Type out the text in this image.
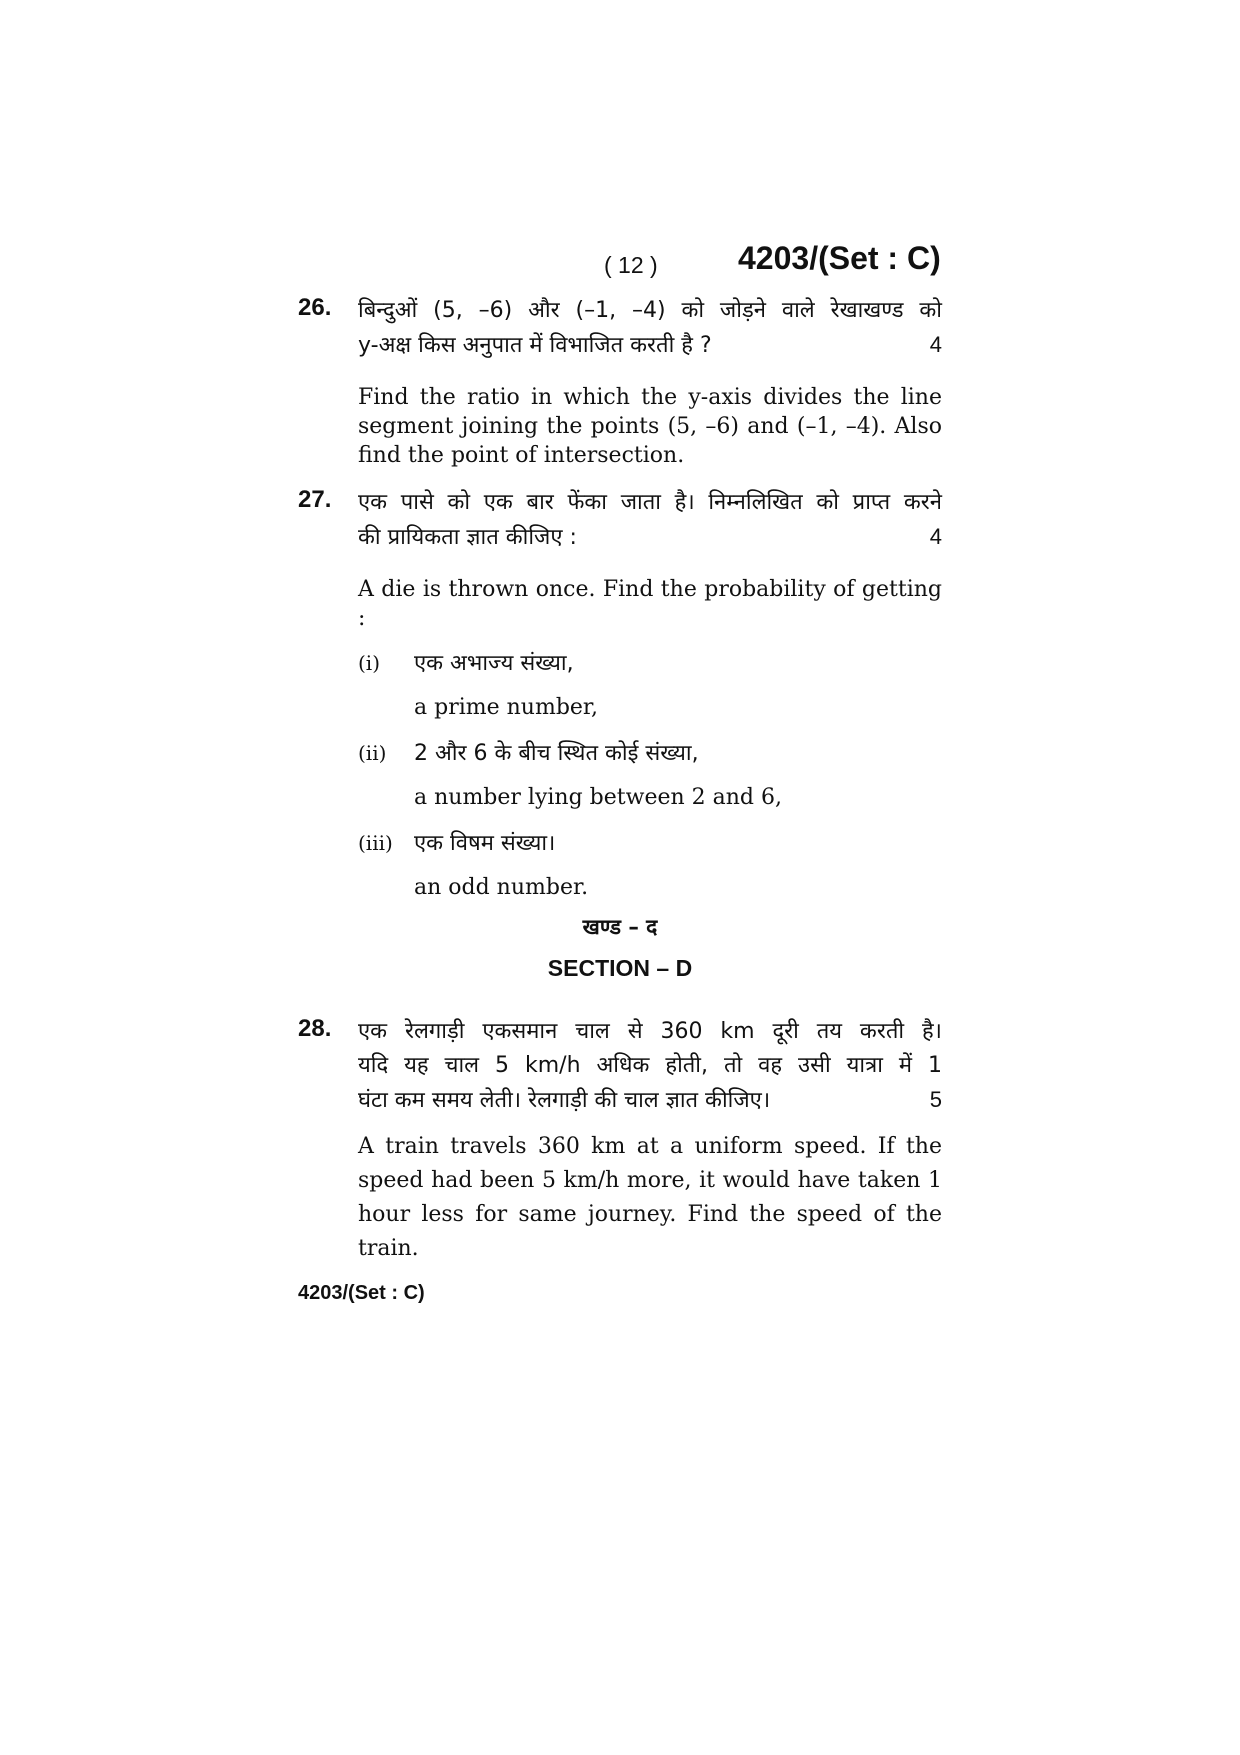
( 12 )	4203/(Set : C)
26. बिन्दुओं (5, –6) और (–1, –4) को जोड़ने वाले रेखाखण्ड को
y-अक्ष किस अनुपात में विभाजित करती है ?	4
Find the ratio in which the y-axis divides the line segment joining the points (5, –6) and (–1, –4). Also find the point of intersection.
27. एक पासे को एक बार फेंका जाता है। निम्नलिखित को प्राप्त करने
की प्रायिकता ज्ञात कीजिए :	4
A die is thrown once. Find the probability of getting :
(i) एक अभाज्य संख्या,
a prime number,
(ii) 2 और 6 के बीच स्थित कोई संख्या,
a number lying between 2 and 6,
(iii) एक विषम संख्या।
an odd number.
खण्ड – द
SECTION – D
28. एक रेलगाड़ी एकसमान चाल से 360 km दूरी तय करती है।
यदि यह चाल 5 km/h अधिक होती, तो वह उसी यात्रा में 1
घंटा कम समय लेती। रेलगाड़ी की चाल ज्ञात कीजिए।	5
A train travels 360 km at a uniform speed. If the speed had been 5 km/h more, it would have taken 1 hour less for same journey. Find the speed of the train.
4203/(Set : C)
